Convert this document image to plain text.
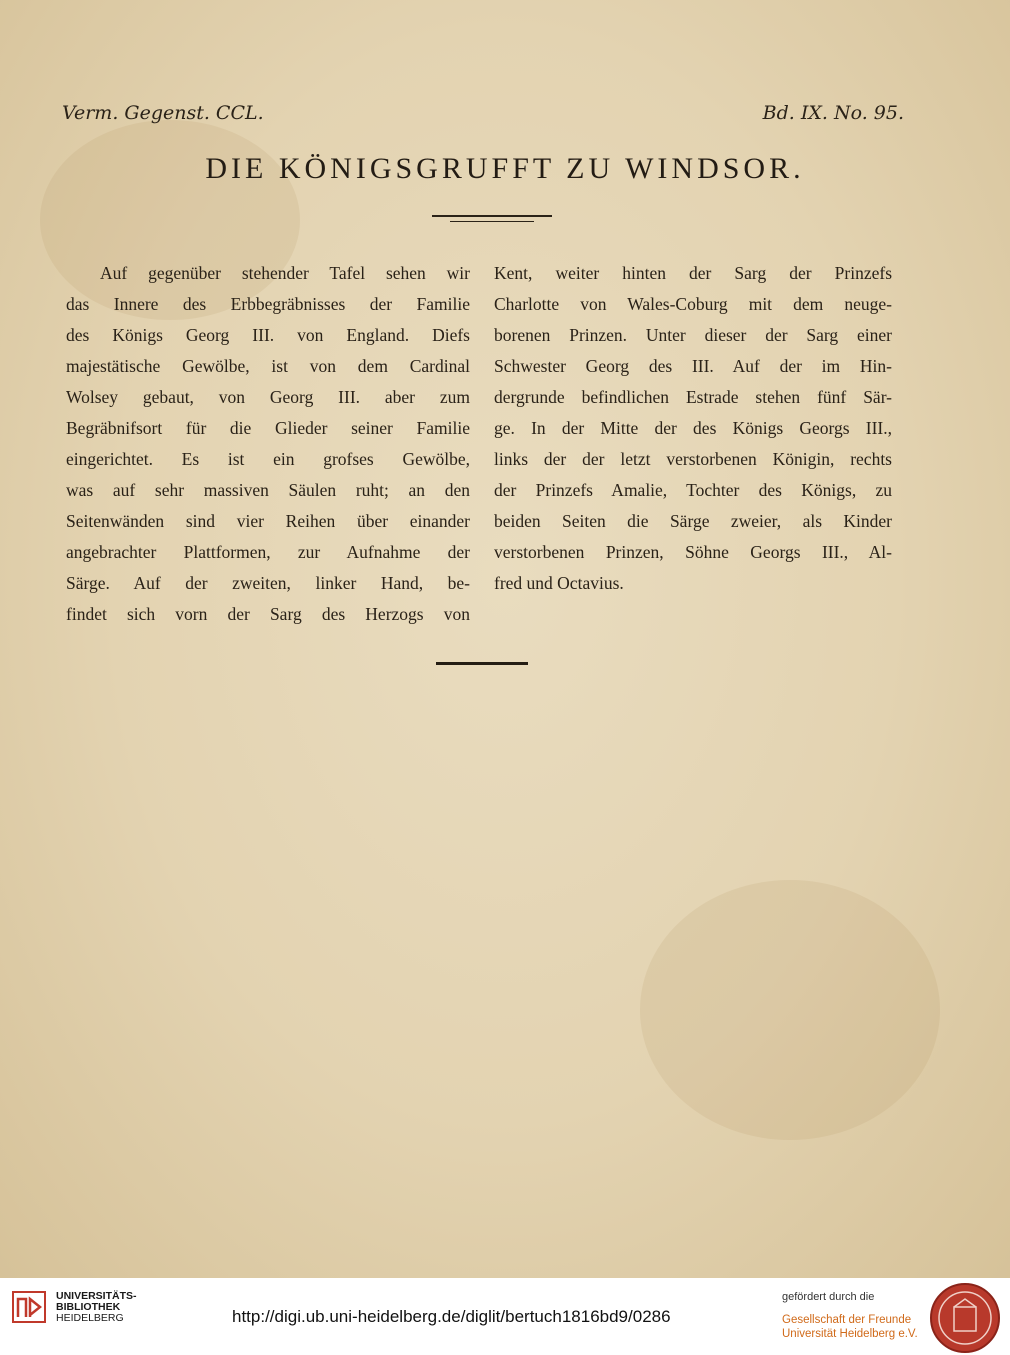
Verm. Gegenst. CCL.	Bd. IX. No. 95.
DIE KÖNIGSGRUFFT ZU WINDSOR.
Auf gegenüber stehender Tafel sehen wir
das Innere des Erbbegräbnisses der Familie
des Königs Georg III. von England. Diefs
majestätische Gewölbe, ist von dem Cardinal
Wolsey gebaut, von Georg III. aber zum
Begräbnifsort für die Glieder seiner Familie
eingerichtet. Es ist ein grofses Gewölbe,
was auf sehr massiven Säulen ruht; an den
Seitenwänden sind vier Reihen über einander
angebrachter Plattformen, zur Aufnahme der
Särge. Auf der zweiten, linker Hand, be-
findet sich vorn der Sarg des Herzogs von
Kent, weiter hinten der Sarg der Prinzefs
Charlotte von Wales-Coburg mit dem neuge-
borenen Prinzen. Unter dieser der Sarg einer
Schwester Georg des III. Auf der im Hin-
dergrunde befindlichen Estrade stehen fünf Sär-
ge. In der Mitte der des Königs Georgs III.,
links der der letzt verstorbenen Königin, rechts
der Prinzefs Amalie, Tochter des Königs, zu
beiden Seiten die Särge zweier, als Kinder
verstorbenen Prinzen, Söhne Georgs III., Al-
fred und Octavius.
UNIVERSITÄTS-
BIBLIOTHEK
HEIDELBERG	http://digi.ub.uni-heidelberg.de/diglit/bertuch1816bd9/0286
gefördert durch die
Gesellschaft der Freunde
Universität Heidelberg e.V.
